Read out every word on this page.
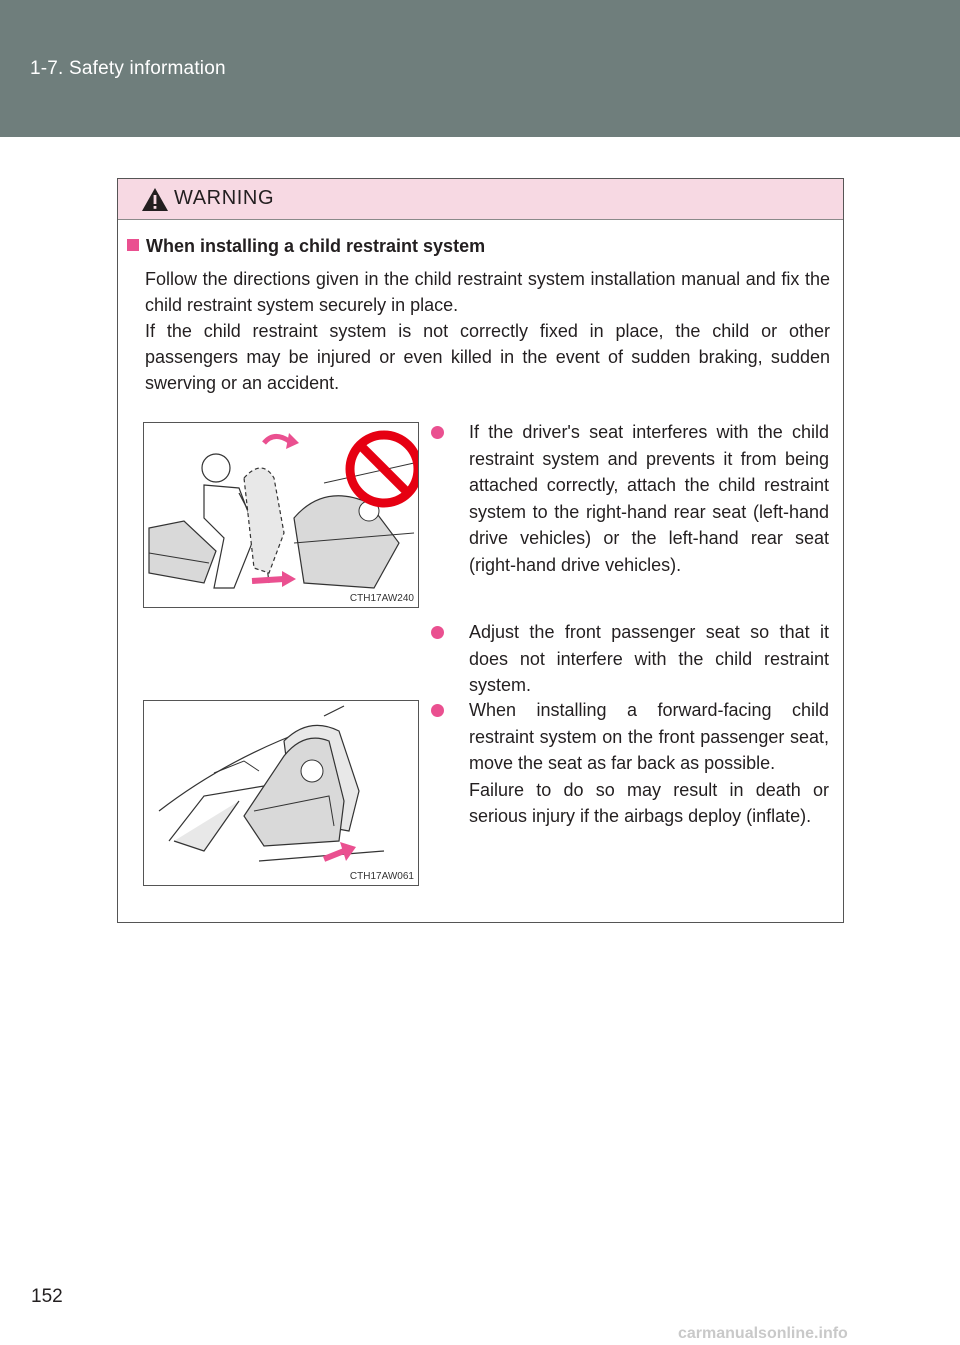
1-7. Safety information
WARNING
When installing a child restraint system

Follow the directions given in the child restraint system installation manual and fix the child restraint system securely in place.

If the child restraint system is not correctly fixed in place, the child or other passengers may be injured or even killed in the event of sudden braking, sudden swerving or an accident.

CTH17AW240
CTH17AW061
If the driver's seat interferes with the child restraint system and prevents it from being attached correctly, attach the child restraint system to the right-hand rear seat (left-hand drive vehicles) or the left-hand rear seat (right-hand drive vehicles).
Adjust the front passenger seat so that it does not interfere with the child restraint system.
When installing a forward-facing child restraint system on the front passenger seat, move the seat as far back as possible.
Failure to do so may result in death or serious injury if the airbags deploy (inflate).
152
carmanualsonline.info
